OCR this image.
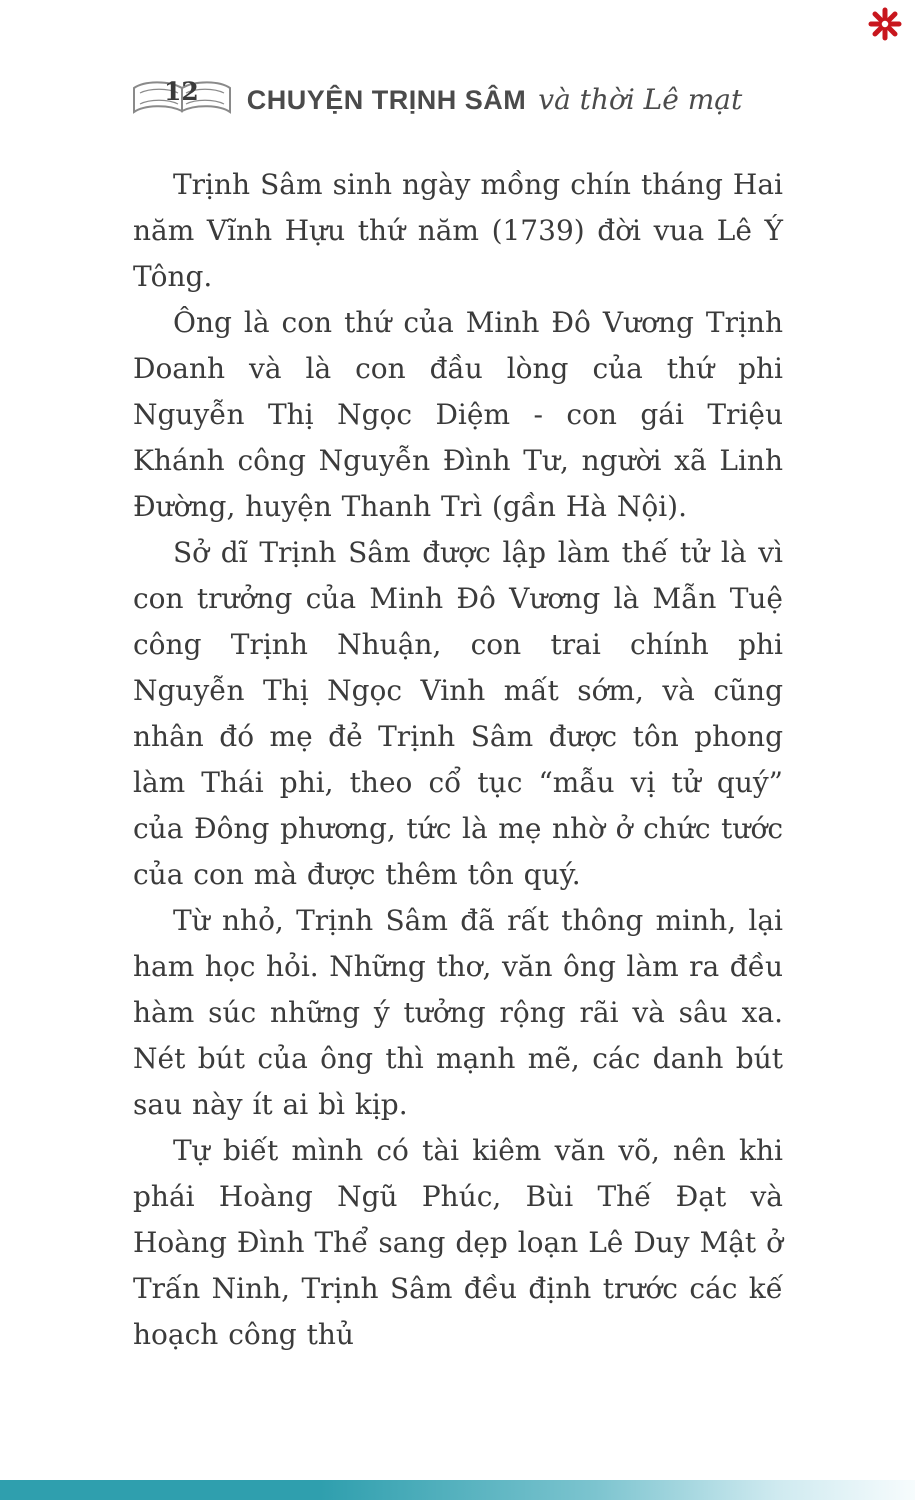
12	CHUYỆN TRỊNH SÂM và thời Lê mạt

Trịnh Sâm sinh ngày mồng chín tháng Hai năm Vĩnh Hựu thứ năm (1739) đời vua Lê Ý Tông.

Ông là con thứ của Minh Đô Vương Trịnh Doanh và là con đầu lòng của thứ phi Nguyễn Thị Ngọc Diệm - con gái Triệu Khánh công Nguyễn Đình Tư, người xã Linh Đường, huyện Thanh Trì (gần Hà Nội).

Sở dĩ Trịnh Sâm được lập làm thế tử là vì con trưởng của Minh Đô Vương là Mẫn Tuệ công Trịnh Nhuận, con trai chính phi Nguyễn Thị Ngọc Vinh mất sớm, và cũng nhân đó mẹ đẻ Trịnh Sâm được tôn phong làm Thái phi, theo cổ tục “mẫu vị tử quý” của Đông phương, tức là mẹ nhờ ở chức tước của con mà được thêm tôn quý.

Từ nhỏ, Trịnh Sâm đã rất thông minh, lại ham học hỏi. Những thơ, văn ông làm ra đều hàm súc những ý tưởng rộng rãi và sâu xa. Nét bút của ông thì mạnh mẽ, các danh bút sau này ít ai bì kịp.

Tự biết mình có tài kiêm văn võ, nên khi phái Hoàng Ngũ Phúc, Bùi Thế Đạt và Hoàng Đình Thể sang dẹp loạn Lê Duy Mật ở Trấn Ninh, Trịnh Sâm đều định trước các kế hoạch công thủ
